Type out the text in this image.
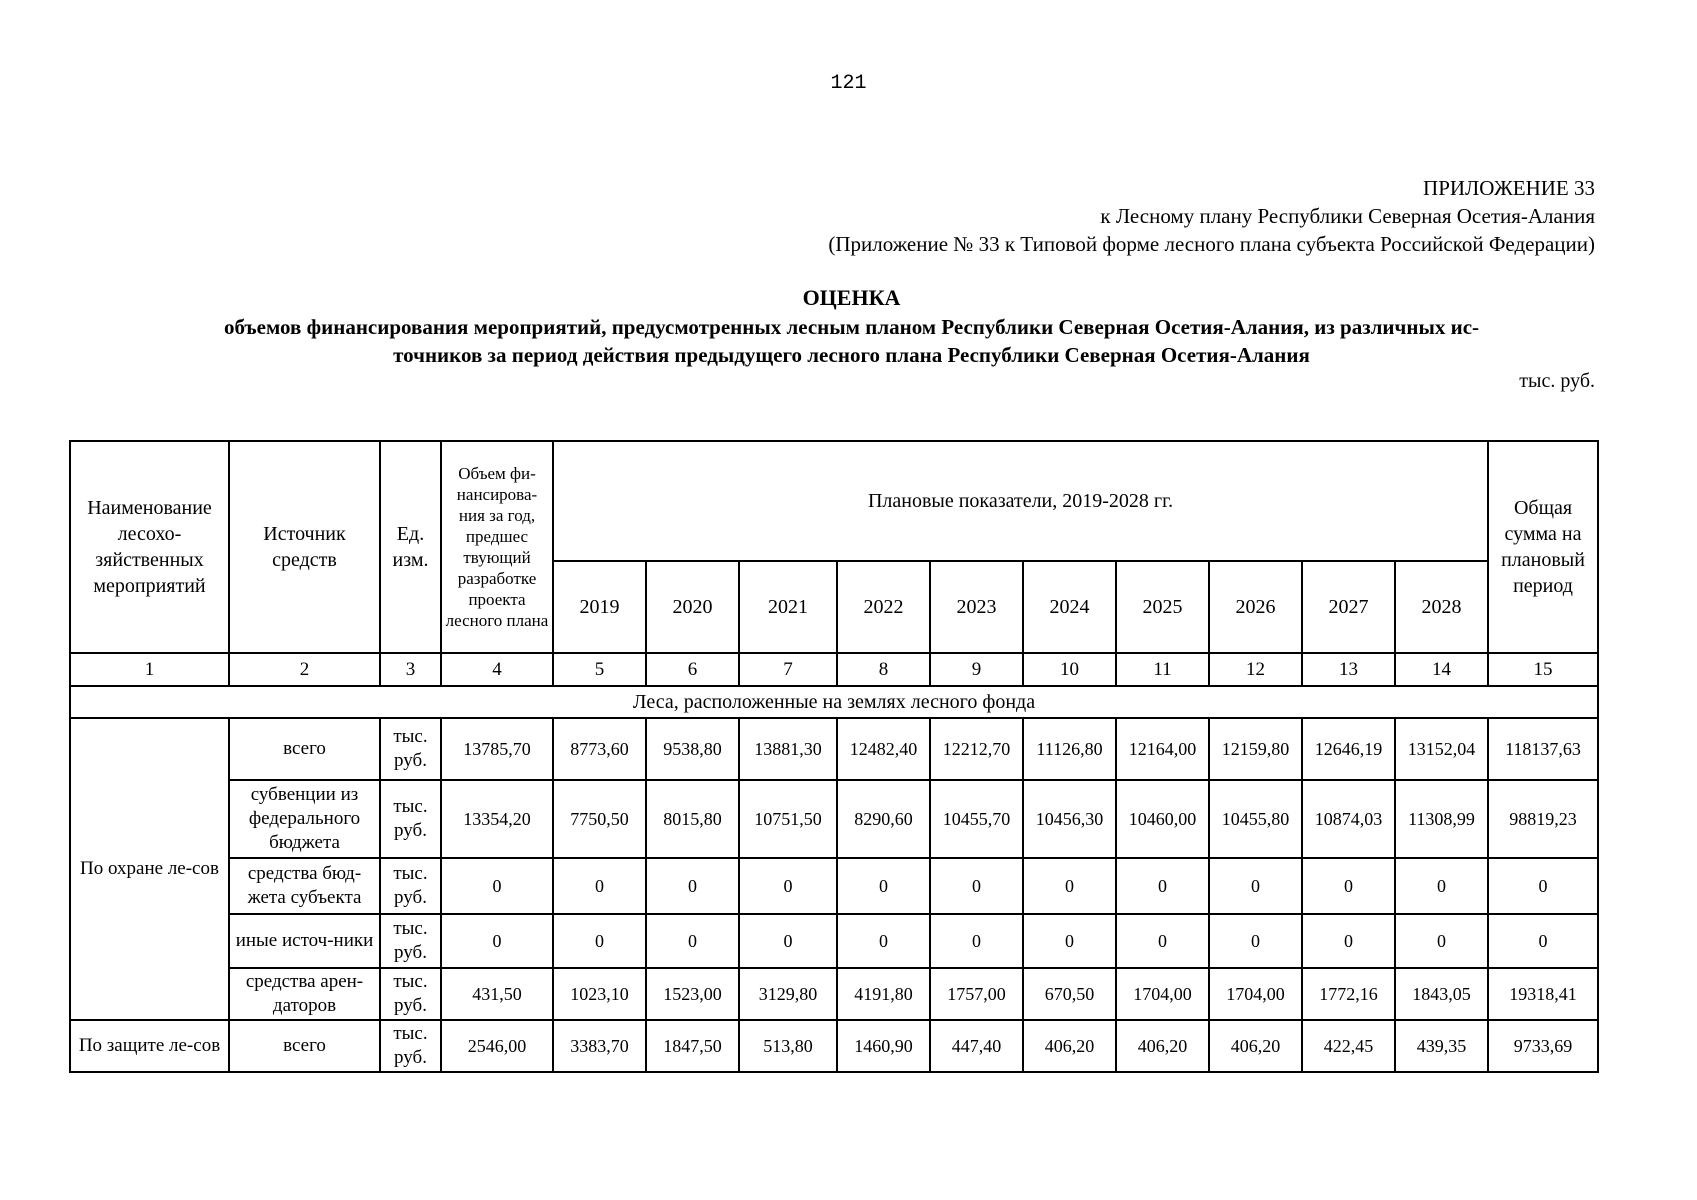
121
ПРИЛОЖЕНИЕ 33
к Лесному плану Республики Северная Осетия-Алания
(Приложение № 33 к Типовой форме лесного плана субъекта Российской Федерации)
ОЦЕНКА
объемов финансирования мероприятий, предусмотренных лесным планом Республики Северная Осетия-Алания, из различных ис-
точников за период действия предыдущего лесного плана Республики Северная Осетия-Алания
тыс. руб.
Наименование лесохо-зяйственных мероприятий	Источник средств	Ед. изм.	Объем фи-нансирова-ния за год, предшес твующий разработке проекта лесного плана	Плановые показатели, 2019-2028 гг.										Общая сумма на плановый период
				2019	2020	2021	2022	2023	2024	2025	2026	2027	2028	
1	2	3	4	5	6	7	8	9	10	11	12	13	14	15
Леса, расположенные на землях лесного фонда														
По охране ле-сов	всего	тыс. руб.	13785,70	8773,60	9538,80	13881,30	12482,40	12212,70	11126,80	12164,00	12159,80	12646,19	13152,04	118137,63
	субвенции из федерального бюджета	тыс. руб.	13354,20	7750,50	8015,80	10751,50	8290,60	10455,70	10456,30	10460,00	10455,80	10874,03	11308,99	98819,23
	средства бюд-жета субъекта	тыс. руб.	0	0	0	0	0	0	0	0	0	0	0	0
	иные источ-ники	тыс. руб.	0	0	0	0	0	0	0	0	0	0	0	0
	средства арен-даторов	тыс. руб.	431,50	1023,10	1523,00	3129,80	4191,80	1757,00	670,50	1704,00	1704,00	1772,16	1843,05	19318,41
По защите ле-сов	всего	тыс. руб.	2546,00	3383,70	1847,50	513,80	1460,90	447,40	406,20	406,20	406,20	422,45	439,35	9733,69
